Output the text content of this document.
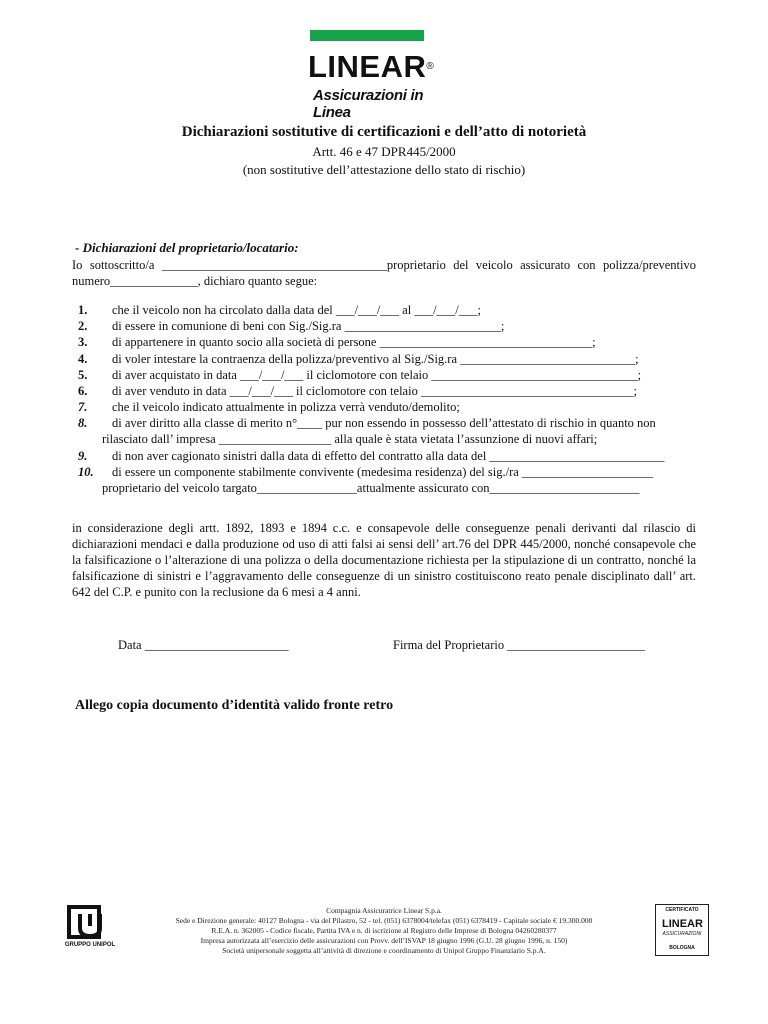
LINEAR®
Assicurazioni in Linea
Dichiarazioni sostitutive di certificazioni e dell’atto di notorietà
Artt. 46 e 47 DPR445/2000
(non sostitutive dell’attestazione dello stato di rischio)
- Dichiarazioni del proprietario/locatario:
Io sottoscritto/a ____________________________________proprietario del veicolo assicurato con polizza/preventivo numero______________, dichiaro quanto segue:
1.	che il veicolo non ha circolato dalla data del ___/___/___ al ___/___/___;
2.	di essere in comunione di beni con Sig./Sig.ra _________________________;
3.	di appartenere in quanto socio alla società di persone __________________________________;
4.	di voler intestare la contraenza della polizza/preventivo al Sig./Sig.ra ____________________________;
5.	di aver acquistato in data ___/___/___ il ciclomotore con telaio _________________________________;
6.	di aver venduto in data ___/___/___ il ciclomotore con telaio __________________________________;
7.	che il veicolo indicato attualmente in polizza verrà venduto/demolito;
8.	di aver diritto alla classe di merito n°____ pur non essendo in possesso dell’attestato di rischio in quanto non
rilasciato dall’ impresa __________________ alla quale è stata vietata l’assunzione di nuovi affari;
9.	di non aver cagionato sinistri dalla data di effetto del contratto alla data del ____________________________
10.	di essere un componente stabilmente convivente (medesima residenza) del sig./ra _____________________
proprietario del veicolo targato________________attualmente assicurato con________________________
in considerazione degli artt. 1892, 1893 e 1894 c.c. e consapevole delle conseguenze penali derivanti dal rilascio di dichiarazioni mendaci e dalla produzione od uso di atti falsi ai sensi dell’ art.76 del DPR 445/2000, nonché consapevole che la falsificazione o l’alterazione di una polizza o della documentazione richiesta per la stipulazione di un contratto, nonché la falsificazione di sinistri e l’aggravamento delle conseguenze di un sinistro costituiscono reato penale disciplinato dall’ art. 642 del C.P. e punito con la reclusione da 6 mesi a 4 anni.
Data _______________________	Firma del Proprietario ______________________
Allego copia documento d’identità valido fronte retro
GRUPPO UNIPOL
Compagnia Assicuratrice Linear S.p.a.
Sede e Direzione generale: 40127 Bologna - via del Pilastro, 52 - tel. (051) 6378004/telefax (051) 6378419 - Capitale sociale € 19.300.000
R.E.A. n. 362005 - Codice fiscale, Partita IVA e n. di iscrizione al Registro delle Imprese di Bologna 04260280377
Impresa autorizzata all’esercizio delle assicurazioni con Provv. dell’ISVAP 18 giugno 1996 (G.U. 28 giugno 1996, n. 150)
Società unipersonale soggetta all’attività di direzione e coordinamento di Unipol Gruppo Finanziario S.p.A.
CERTIFICATO
LINEAR
ASSICURAZIONI
BOLOGNA
